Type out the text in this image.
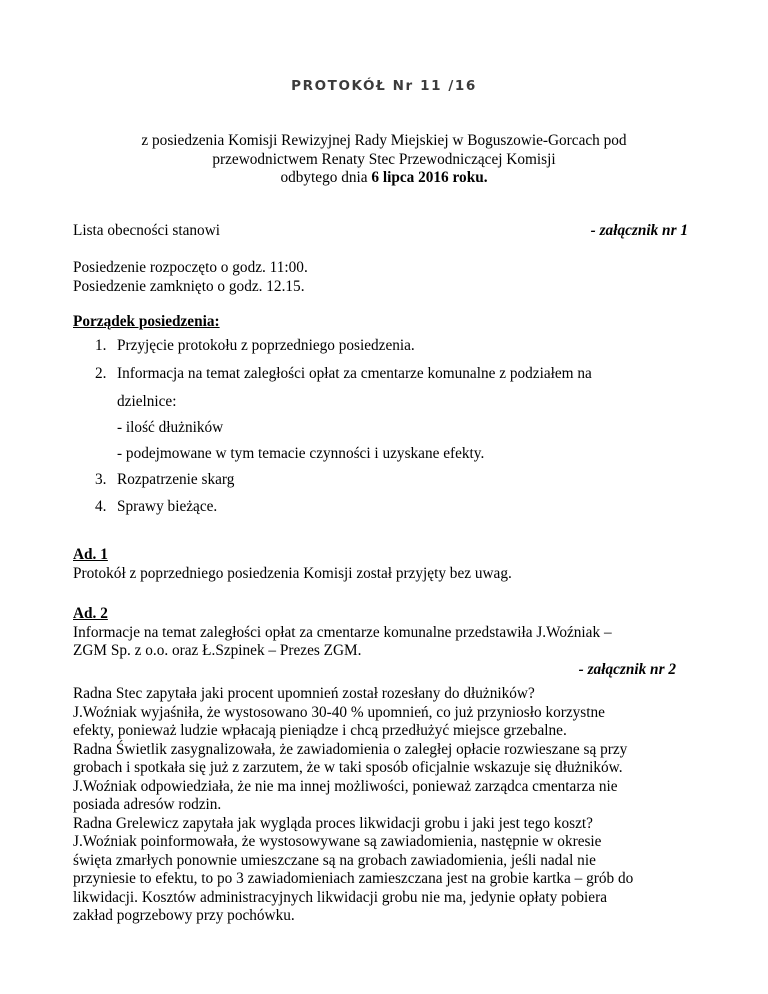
PROTOKÓŁ Nr 11 /16
z posiedzenia Komisji Rewizyjnej Rady Miejskiej w Boguszowie-Gorcach pod
przewodnictwem Renaty Stec Przewodniczącej Komisji
odbytego dnia 6 lipca 2016 roku.
Lista obecności stanowi	- załącznik nr 1
Posiedzenie rozpoczęto o godz. 11:00.
Posiedzenie zamknięto o godz. 12.15.
Porządek posiedzenia:
1. Przyjęcie protokołu z poprzedniego posiedzenia.
2. Informacja na temat zaległości opłat za cmentarze komunalne z podziałem na
dzielnice:
- ilość dłużników
- podejmowane w tym temacie czynności i uzyskane efekty.
3. Rozpatrzenie skarg
4. Sprawy bieżące.
Ad. 1
Protokół z poprzedniego posiedzenia Komisji został przyjęty bez uwag.
Ad. 2
Informacje na temat zaległości opłat za cmentarze komunalne przedstawiła J.Woźniak –
ZGM Sp. z o.o. oraz Ł.Szpinek – Prezes ZGM.
- załącznik nr 2
Radna Stec zapytała jaki procent upomnień został rozesłany do dłużników?
J.Woźniak wyjaśniła, że wystosowano 30-40 % upomnień, co już przyniosło korzystne
efekty, ponieważ ludzie wpłacają pieniądze i chcą przedłużyć miejsce grzebalne.
Radna Świetlik zasygnalizowała, że zawiadomienia o zaległej opłacie rozwieszane są przy
grobach i spotkała się już z zarzutem, że w taki sposób oficjalnie wskazuje się dłużników.
J.Woźniak odpowiedziała, że nie ma innej możliwości, ponieważ zarządca cmentarza nie
posiada adresów rodzin.
Radna Grelewicz zapytała jak wygląda proces likwidacji grobu i jaki jest tego koszt?
J.Woźniak poinformowała, że wystosowywane są zawiadomienia, następnie w okresie
święta zmarłych ponownie umieszczane są na grobach zawiadomienia, jeśli nadal nie
przyniesie to efektu, to po 3 zawiadomieniach zamieszczana jest na grobie kartka – grób do
likwidacji. Kosztów administracyjnych likwidacji grobu nie ma, jedynie opłaty pobiera
zakład pogrzebowy przy pochówku.
